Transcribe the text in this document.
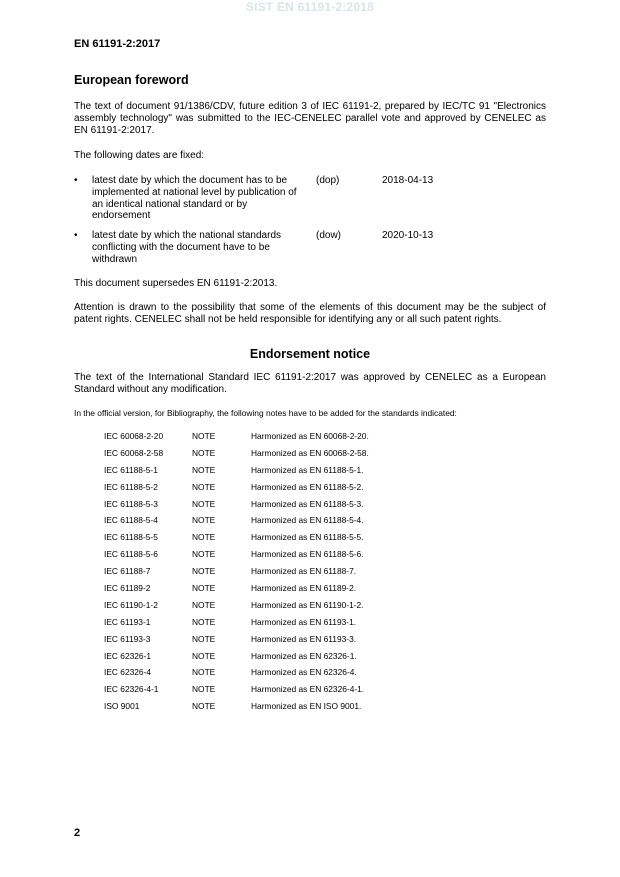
SIST EN 61191-2:2018
EN 61191-2:2017
European foreword
The text of document 91/1386/CDV, future edition 3 of IEC 61191-2, prepared by IEC/TC 91 "Electronics assembly technology" was submitted to the IEC-CENELEC parallel vote and approved by CENELEC as EN 61191-2:2017.
The following dates are fixed:
• latest date by which the document has to be implemented at national level by publication of an identical national standard or by endorsement
(dop)	2018-04-13
• latest date by which the national standards conflicting with the document have to be withdrawn
(dow)	2020-10-13
This document supersedes EN 61191-2:2013.
Attention is drawn to the possibility that some of the elements of this document may be the subject of patent rights. CENELEC shall not be held responsible for identifying any or all such patent rights.
Endorsement notice
The text of the International Standard IEC 61191-2:2017 was approved by CENELEC as a European Standard without any modification.
In the official version, for Bibliography, the following notes have to be added for the standards indicated:
IEC 60068-2-20	NOTE	Harmonized as EN 60068-2-20.
IEC 60068-2-58	NOTE	Harmonized as EN 60068-2-58.
IEC 61188-5-1	NOTE	Harmonized as EN 61188-5-1.
IEC 61188-5-2	NOTE	Harmonized as EN 61188-5-2.
IEC 61188-5-3	NOTE	Harmonized as EN 61188-5-3.
IEC 61188-5-4	NOTE	Harmonized as EN 61188-5-4.
IEC 61188-5-5	NOTE	Harmonized as EN 61188-5-5.
IEC 61188-5-6	NOTE	Harmonized as EN 61188-5-6.
IEC 61188-7	NOTE	Harmonized as EN 61188-7.
IEC 61189-2	NOTE	Harmonized as EN 61189-2.
IEC 61190-1-2	NOTE	Harmonized as EN 61190-1-2.
IEC 61193-1	NOTE	Harmonized as EN 61193-1.
IEC 61193-3	NOTE	Harmonized as EN 61193-3.
IEC 62326-1	NOTE	Harmonized as EN 62326-1.
IEC 62326-4	NOTE	Harmonized as EN 62326-4.
IEC 62326-4-1	NOTE	Harmonized as EN 62326-4-1.
ISO 9001	NOTE	Harmonized as EN ISO 9001.
2
